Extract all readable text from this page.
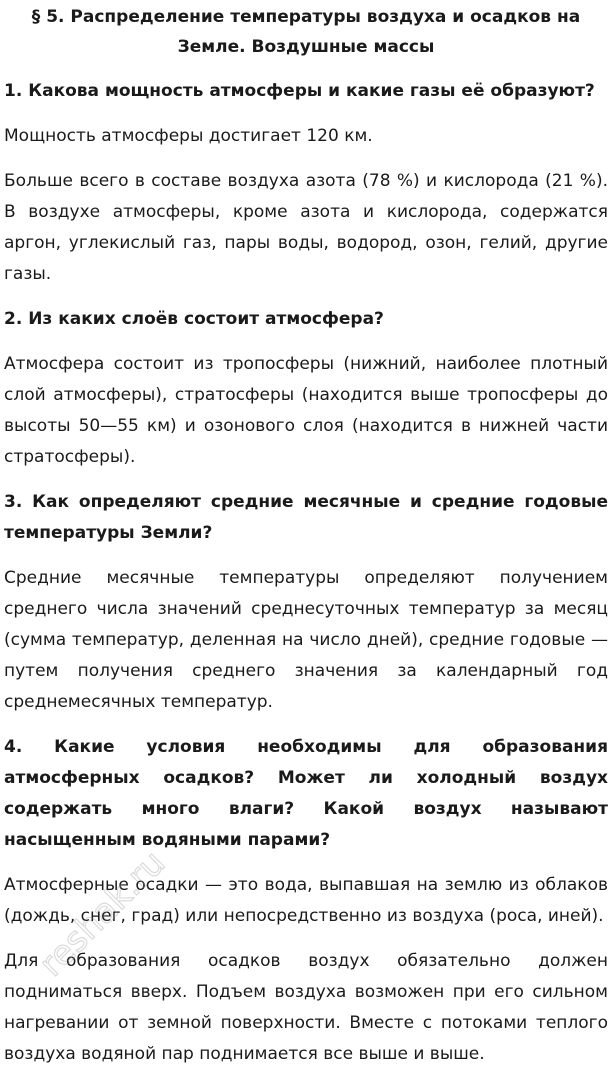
§ 5. Распределение температуры воздуха и осадков на
Земле. Воздушные массы

1. Какова мощность атмосферы и какие газы её образуют?

Мощность атмосферы достигает 120 км.

Больше всего в составе воздуха азота (78 %) и кислорода (21 %). В воздухе атмосферы, кроме азота и кислорода, содержатся аргон, углекислый газ, пары воды, водород, озон, гелий, другие газы.

2. Из каких слоёв состоит атмосфера?

Атмосфера состоит из тропосферы (нижний, наиболее плотный слой атмосферы), стратосферы (находится выше тропосферы до высоты 50—55 км) и озонового слоя (находится в нижней части стратосферы).

3. Как определяют средние месячные и средние годовые температуры Земли?

Средние месячные температуры определяют получением среднего числа значений среднесуточных температур за месяц (сумма температур, деленная на число дней), средние годовые — путем получения среднего значения за календарный год среднемесячных температур.

4. Какие условия необходимы для образования атмосферных осадков? Может ли холодный воздух содержать много влаги? Какой воздух называют насыщенным водяными парами?

Атмосферные осадки — это вода, выпавшая на землю из облаков (дождь, снег, град) или непосредственно из воздуха (роса, иней).

Для образования осадков воздух обязательно должен подниматься вверх. Подъем воздуха возможен при его сильном нагревании от земной поверхности. Вместе с потоками теплого воздуха водяной пар поднимается все выше и выше.

reshak.ru
